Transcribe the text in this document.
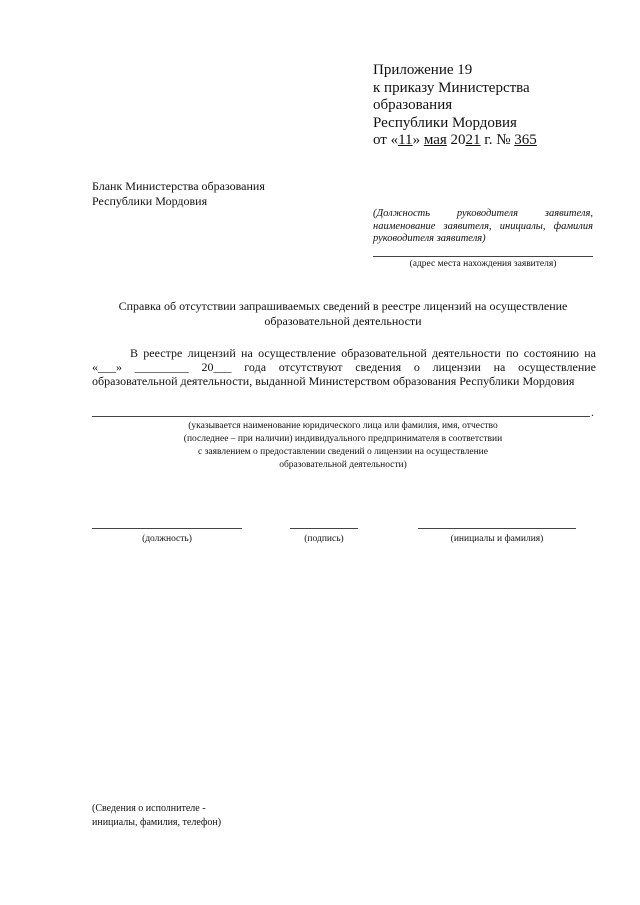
Приложение 19
к приказу Министерства
образования
Республики Мордовия
от «11» мая 2021 г. № 365
Бланк Министерства образования
Республики Мордовия
(Должность руководителя заявителя, наименование заявителя, инициалы, фамилия руководителя заявителя)
(адрес места нахождения заявителя)
Справка об отсутствии запрашиваемых сведений в реестре лицензий на осуществление образовательной деятельности

В реестре лицензий на осуществление образовательной деятельности по состоянию на «___» _________ 20___ года отсутствуют сведения о лицензии на осуществление образовательной деятельности, выданной Министерством образования Республики Мордовия

.
(указывается наименование юридического лица или фамилия, имя, отчество
(последнее – при наличии) индивидуального предпринимателя в соответствии
с заявлением о предоставлении сведений о лицензии на осуществление
образовательной деятельности)
(должность)	(подпись)	(инициалы и фамилия)
(Сведения о исполнителе -
инициалы, фамилия, телефон)
